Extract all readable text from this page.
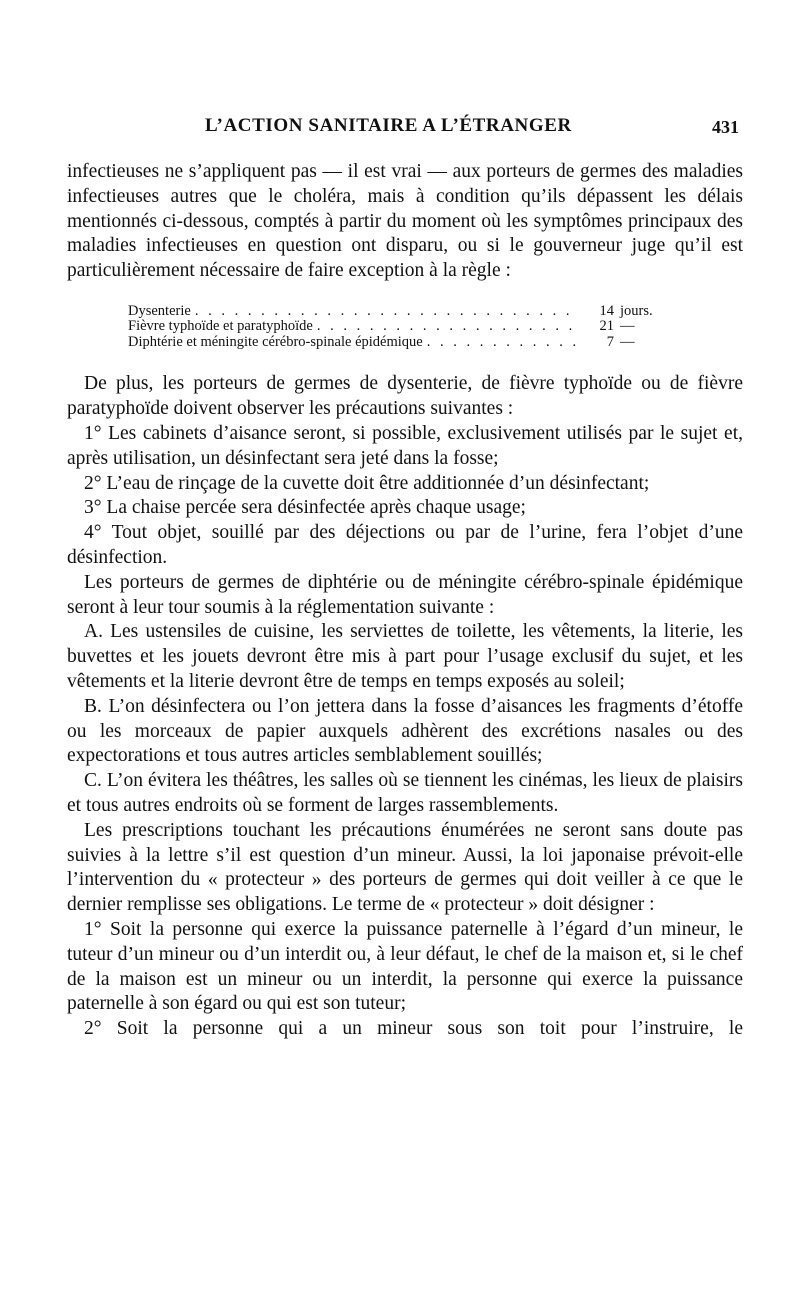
L’ACTION SANITAIRE A L’ÉTRANGER	431

infectieuses ne s’appliquent pas — il est vrai — aux porteurs de germes des maladies infectieuses autres que le choléra, mais à condition qu’ils dépassent les délais mentionnés ci-dessous, comptés à partir du moment où les symptômes principaux des maladies infectieuses en question ont disparu, ou si le gouverneur juge qu’il est particulièrement nécessaire de faire exception à la règle :

Dysenterie . . .	14 jours.
Fièvre typhoïde et paratyphoïde . . .	21 —
Diphtérie et méningite cérébro-spinale épidémique . . .	7 —

De plus, les porteurs de germes de dysenterie, de fièvre typhoïde ou de fièvre paratyphoïde doivent observer les précautions suivantes :

1° Les cabinets d’aisance seront, si possible, exclusivement utilisés par le sujet et, après utilisation, un désinfectant sera jeté dans la fosse;

2° L’eau de rinçage de la cuvette doit être additionnée d’un désinfectant;

3° La chaise percée sera désinfectée après chaque usage;

4° Tout objet, souillé par des déjections ou par de l’urine, fera l’objet d’une désinfection.

Les porteurs de germes de diphtérie ou de méningite cérébro-spinale épidémique seront à leur tour soumis à la réglementation suivante :

A. Les ustensiles de cuisine, les serviettes de toilette, les vêtements, la literie, les buvettes et les jouets devront être mis à part pour l’usage exclusif du sujet, et les vêtements et la literie devront être de temps en temps exposés au soleil;

B. L’on désinfectera ou l’on jettera dans la fosse d’aisances les fragments d’étoffe ou les morceaux de papier auxquels adhèrent des excrétions nasales ou des expectorations et tous autres articles semblablement souillés;

C. L’on évitera les théâtres, les salles où se tiennent les cinémas, les lieux de plaisirs et tous autres endroits où se forment de larges rassemblements.

Les prescriptions touchant les précautions énumérées ne seront sans doute pas suivies à la lettre s’il est question d’un mineur. Aussi, la loi japonaise prévoit-elle l’intervention du « protecteur » des porteurs de germes qui doit veiller à ce que le dernier remplisse ses obligations. Le terme de « protecteur » doit désigner :

1° Soit la personne qui exerce la puissance paternelle à l’égard d’un mineur, le tuteur d’un mineur ou d’un interdit ou, à leur défaut, le chef de la maison et, si le chef de la maison est un mineur ou un interdit, la personne qui exerce la puissance paternelle à son égard ou qui est son tuteur;

2° Soit la personne qui a un mineur sous son toit pour l’instruire, le
